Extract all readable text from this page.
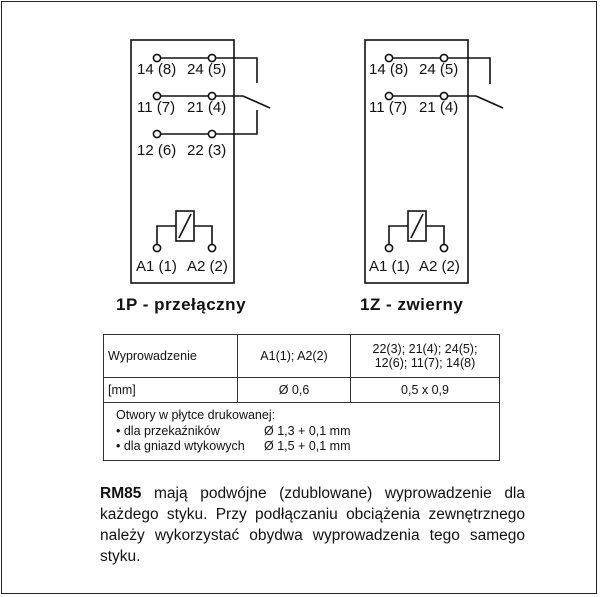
14 (8) 24 (5)
11 (7) 21 (4)
12 (6) 22 (3)
A1 (1) A2 (2)
14 (8) 24 (5)
11 (7) 21 (4)
A1 (1) A2 (2)
1P - przełączny	1Z - zwierny
Wyprowadzenie	A1(1); A2(2)	22(3); 21(4); 24(5); 12(6); 11(7); 14(8)
[mm]	Ø 0,6	0,5 x 0,9

Otwory w płytce drukowanej:
• dla przekaźników Ø 1,3 + 0,1 mm
• dla gniazd wtykowych Ø 1,5 + 0,1 mm		
RM85 mają podwójne (zdublowane) wyprowadzenie dla każdego styku. Przy podłączaniu obciążenia zewnętrznego należy wykorzystać obydwa wyprowadzenia tego samego styku.
